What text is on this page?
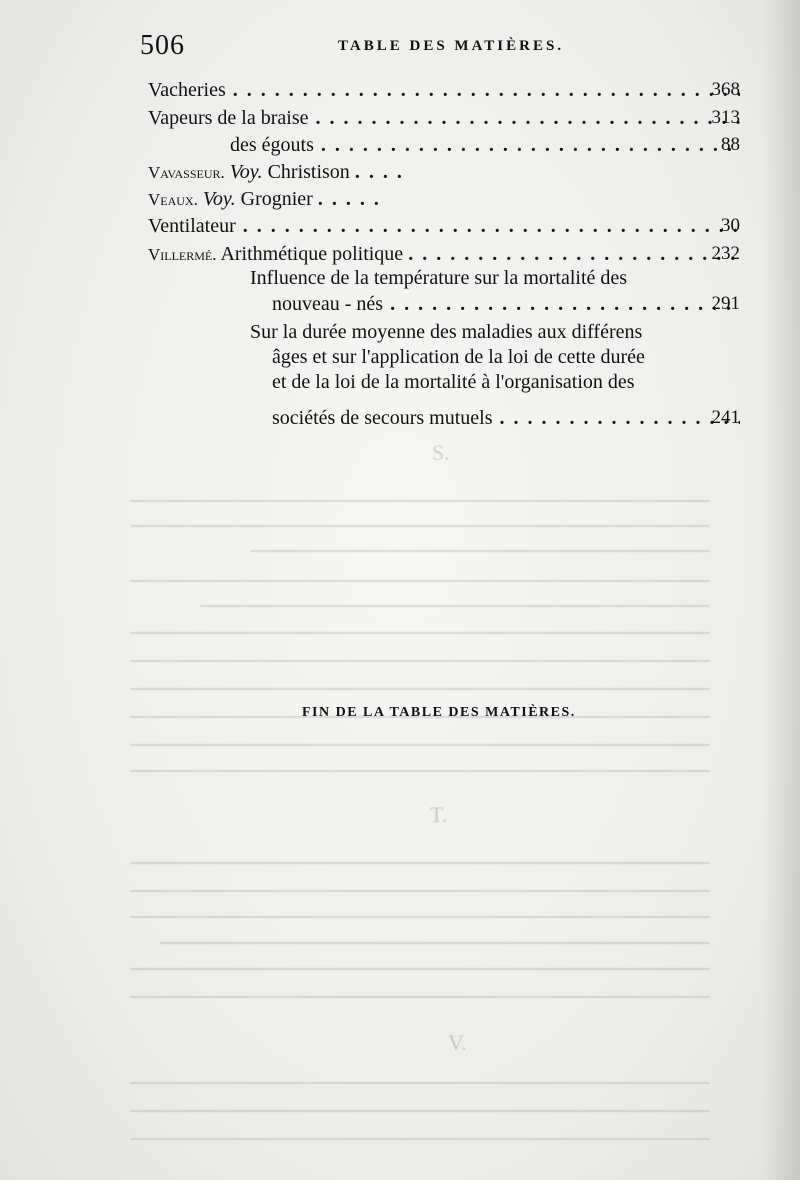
S.
T.
V.
506	TABLE DES MATIÈRES.
Vacheries . . .	368
Vapeurs de la braise . . .	313
des égouts . . .	88
Vavasseur. Voy. Christison . . .
Veaux. Voy. Grognier . . .
Ventilateur . . .	30
Villermé. Arithmétique politique . . .	232
Influence de la température sur la mortalité des
nouveau - nés . . .	291
Sur la durée moyenne des maladies aux différens
âges et sur l'application de la loi de cette durée
et de la loi de la mortalité à l'organisation des
sociétés de secours mutuels . . .	241
FIN DE LA TABLE DES MATIÈRES.
